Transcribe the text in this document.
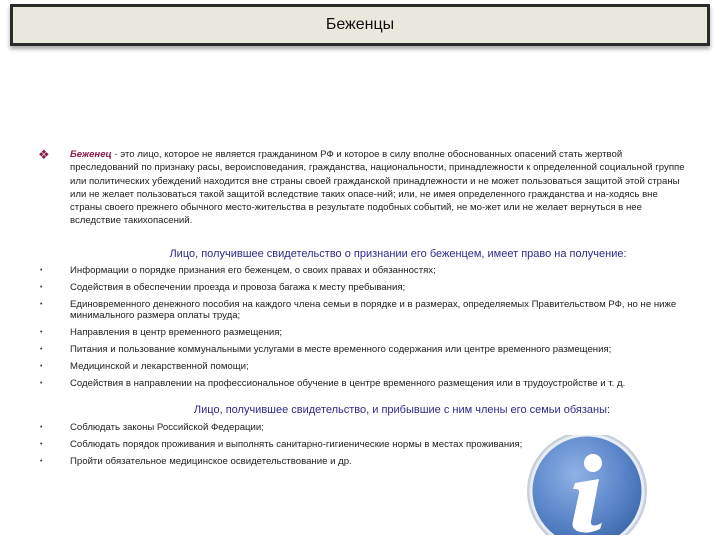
Беженцы
❖ Беженец - это лицо, которое не является гражданином РФ и которое в силу вполне обоснованных опасений стать жертвой преследований по признаку расы, вероисповедания, гражданства, национальности, принадлежности к определенной социальной группе или политических убеждений находится вне страны своей гражданской принадлежности и не может пользоваться защитой этой страны или не желает пользоваться такой защитой вследствие таких опасе-ний; или, не имея определенного гражданства и на-ходясь вне страны своего прежнего обычного место-жительства в результате подобных событий, не мо-жет или не желает вернуться в нее вследствие такихопасений.
Лицо, получившее свидетельство о признании его беженцем, имеет право на получение:
•	Информации о порядке признания его беженцем, о своих правах и обязанностях;
•	Содействия в обеспечении проезда и провоза багажа к месту пребывания;
•	Единовременного денежного пособия на каждого члена семьи в порядке и в размерах, определяемых Правительством РФ, но не ниже минимального размера оплаты труда;
•	Направления в центр временного размещения;
•	Питания и пользование коммунальными услугами в месте временного содержания или центре временного размещения;
•	Медицинской и лекарственной помощи;
•	Содействия в направлении на профессиональное обучение в центре временного размещения или в трудоустройстве и т. д.
Лицо, получившее свидетельство, и прибывшие с ним члены его семьи обязаны:
•	Соблюдать законы Российской Федерации;
•	Соблюдать порядок проживания и выполнять санитарно-гигиенические нормы в местах проживания;
•	Пройти обязательное медицинское освидетельствование и др.
